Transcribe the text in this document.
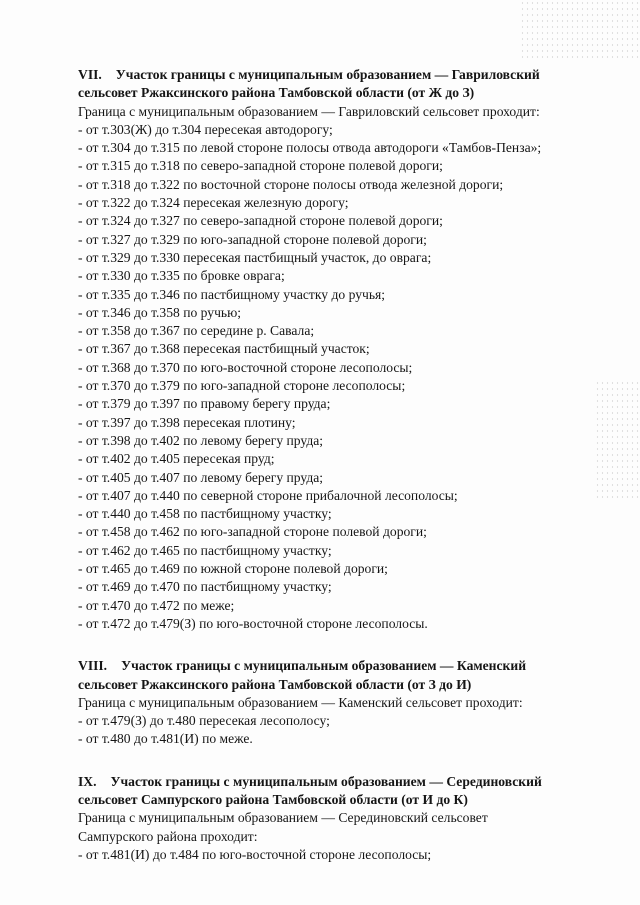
VII. Участок границы с муниципальным образованием — Гавриловский
сельсовет Ржаксинского района Тамбовской области (от Ж до З)
Граница с муниципальным образованием — Гавриловский сельсовет проходит:
- от т.303(Ж) до т.304 пересекая автодорогу;
- от т.304 до т.315 по левой стороне полосы отвода автодороги «Тамбов-Пенза»;
- от т.315 до т.318 по северо-западной стороне полевой дороги;
- от т.318 до т.322 по восточной стороне полосы отвода железной дороги;
- от т.322 до т.324 пересекая железную дорогу;
- от т.324 до т.327 по северо-западной стороне полевой дороги;
- от т.327 до т.329 по юго-западной стороне полевой дороги;
- от т.329 до т.330 пересекая пастбищный участок, до оврага;
- от т.330 до т.335 по бровке оврага;
- от т.335 до т.346 по пастбищному участку до ручья;
- от т.346 до т.358 по ручью;
- от т.358 до т.367 по середине р. Савала;
- от т.367 до т.368 пересекая пастбищный участок;
- от т.368 до т.370 по юго-восточной стороне лесополосы;
- от т.370 до т.379 по юго-западной стороне лесополосы;
- от т.379 до т.397 по правому берегу пруда;
- от т.397 до т.398 пересекая плотину;
- от т.398 до т.402 по левому берегу пруда;
- от т.402 до т.405 пересекая пруд;
- от т.405 до т.407 по левому берегу пруда;
- от т.407 до т.440 по северной стороне прибалочной лесополосы;
- от т.440 до т.458 по пастбищному участку;
- от т.458 до т.462 по юго-западной стороне полевой дороги;
- от т.462 до т.465 по пастбищному участку;
- от т.465 до т.469 по южной стороне полевой дороги;
- от т.469 до т.470 по пастбищному участку;
- от т.470 до т.472 по меже;
- от т.472 до т.479(З) по юго-восточной стороне лесополосы.
VIII. Участок границы с муниципальным образованием — Каменский
сельсовет Ржаксинского района Тамбовской области (от З до И)
Граница с муниципальным образованием — Каменский сельсовет проходит:
- от т.479(З) до т.480 пересекая лесополосу;
- от т.480 до т.481(И) по меже.
IX. Участок границы с муниципальным образованием — Серединовский
сельсовет Сампурского района Тамбовской области (от И до К)
Граница с муниципальным образованием — Серединовский сельсовет Сампурского района проходит:
- от т.481(И) до т.484 по юго-восточной стороне лесополосы;
